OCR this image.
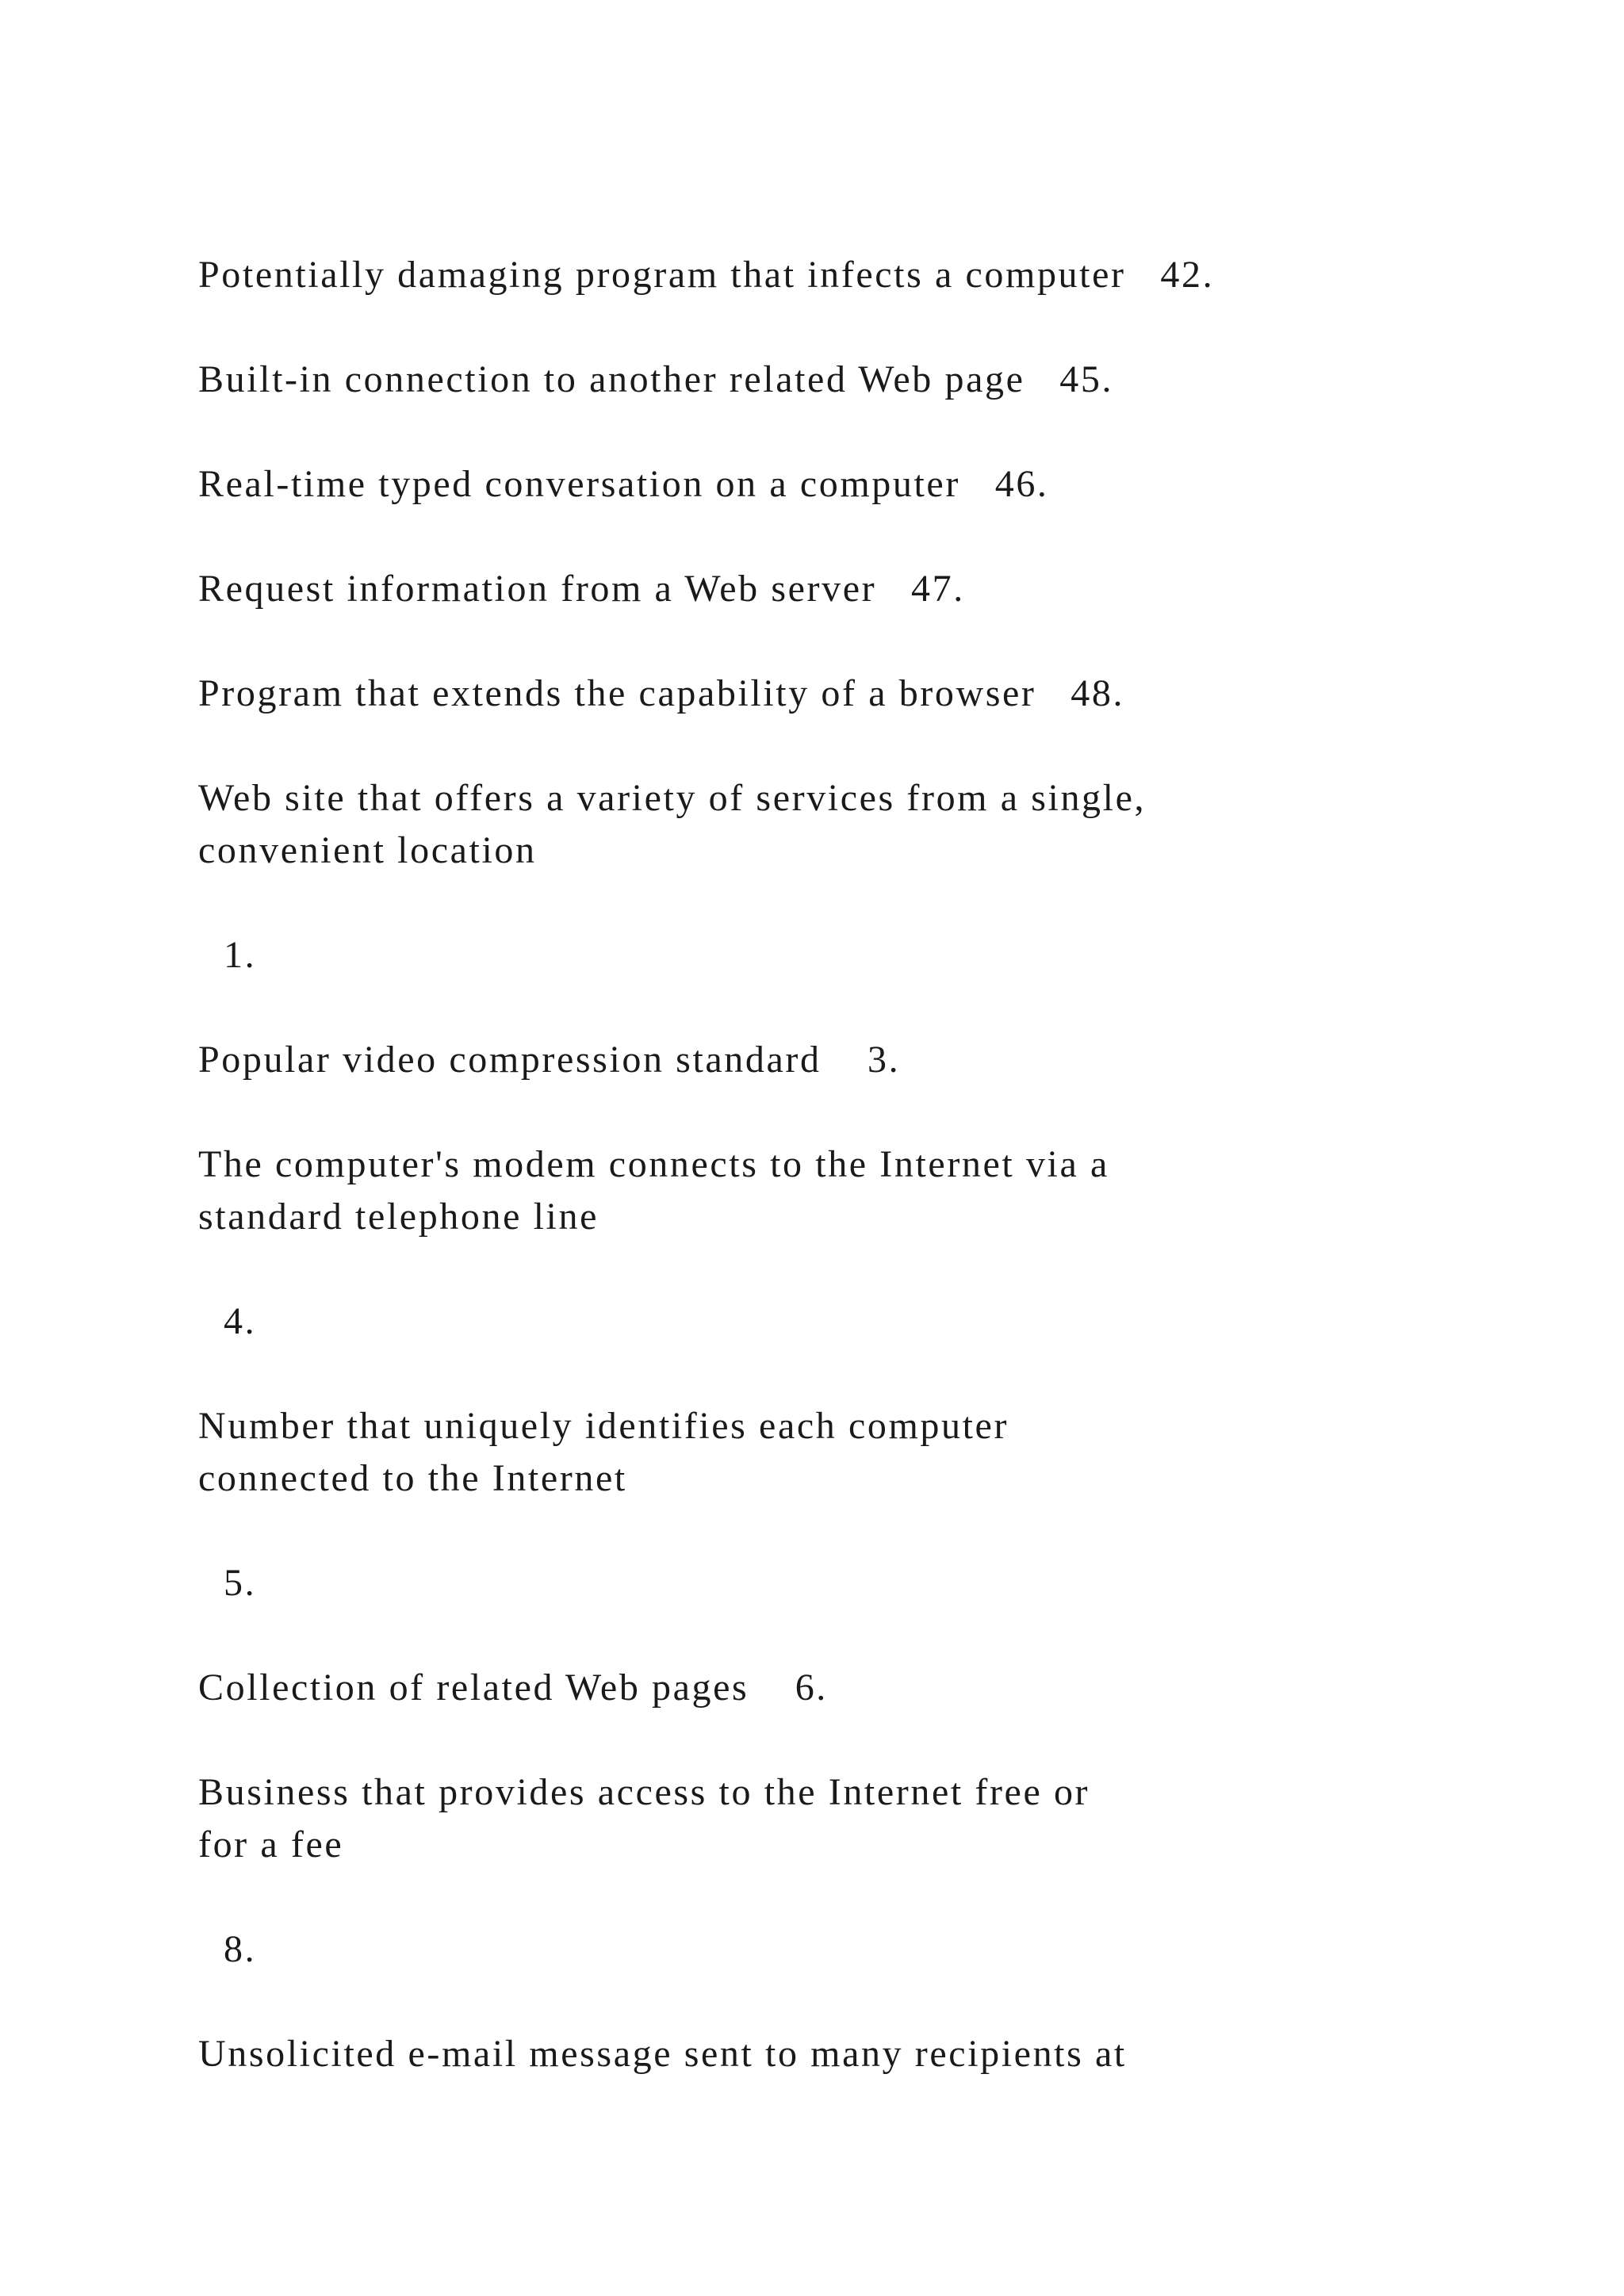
Potentially damaging program that infects a computer   42.

Built-in connection to another related Web page   45.

Real-time typed conversation on a computer   46.

Request information from a Web server   47.

Program that extends the capability of a browser   48.

Web site that offers a variety of services from a single,

convenient location

1.

Popular video compression standard    3.

The computer's modem connects to the Internet via a

standard telephone line

4.

Number that uniquely identifies each computer

connected to the Internet

5.

Collection of related Web pages    6.

Business that provides access to the Internet free or

for a fee

8.

Unsolicited e-mail message sent to many recipients at
